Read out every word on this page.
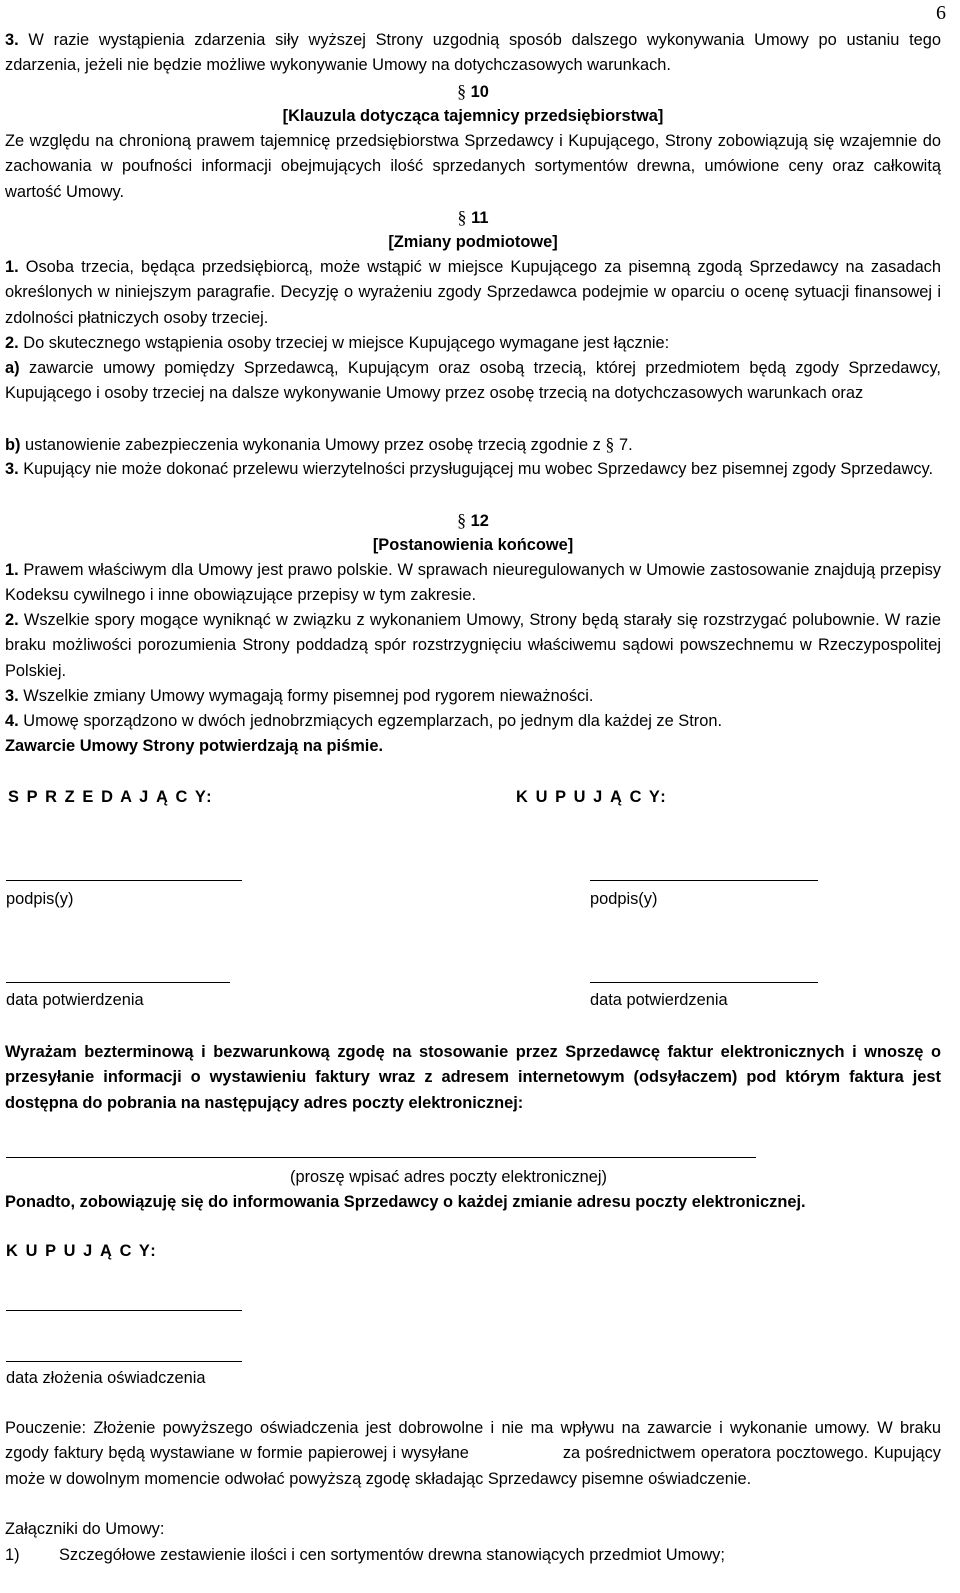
6
3. W razie wystąpienia zdarzenia siły wyższej Strony uzgodnią sposób dalszego wykonywania Umowy po ustaniu tego zdarzenia, jeżeli nie będzie możliwe wykonywanie Umowy na dotychczasowych warunkach.
§ 10
[Klauzula dotycząca tajemnicy przedsiębiorstwa]
Ze względu na chronioną prawem tajemnicę przedsiębiorstwa Sprzedawcy i Kupującego, Strony zobowiązują się wzajemnie do zachowania w poufności informacji obejmujących ilość sprzedanych sortymentów drewna, umówione ceny oraz całkowitą wartość Umowy.
§ 11
[Zmiany podmiotowe]
1. Osoba trzecia, będąca przedsiębiorcą, może wstąpić w miejsce Kupującego za pisemną zgodą Sprzedawcy na zasadach określonych w niniejszym paragrafie. Decyzję o wyrażeniu zgody Sprzedawca podejmie w oparciu o ocenę sytuacji finansowej i zdolności płatniczych osoby trzeciej.
2. Do skutecznego wstąpienia osoby trzeciej w miejsce Kupującego wymagane jest łącznie:
a) zawarcie umowy pomiędzy Sprzedawcą, Kupującym oraz osobą trzecią, której przedmiotem będą zgody Sprzedawcy, Kupującego i osoby trzeciej na dalsze wykonywanie Umowy przez osobę trzecią na dotychczasowych warunkach oraz
b) ustanowienie zabezpieczenia wykonania Umowy przez osobę trzecią zgodnie z § 7.
3. Kupujący nie może dokonać przelewu wierzytelności przysługującej mu wobec Sprzedawcy bez pisemnej zgody Sprzedawcy.
§ 12
[Postanowienia końcowe]
1. Prawem właściwym dla Umowy jest prawo polskie. W sprawach nieuregulowanych w Umowie zastosowanie znajdują przepisy Kodeksu cywilnego i inne obowiązujące przepisy w tym zakresie.
2. Wszelkie spory mogące wyniknąć w związku z wykonaniem Umowy, Strony będą starały się rozstrzygać polubownie. W razie braku możliwości porozumienia Strony poddadzą spór rozstrzygnięciu właściwemu sądowi powszechnemu w Rzeczypospolitej Polskiej.
3. Wszelkie zmiany Umowy wymagają formy pisemnej pod rygorem nieważności.
4. Umowę sporządzono w dwóch jednobrzmiących egzemplarzach, po jednym dla każdej ze Stron.
Zawarcie Umowy Strony potwierdzają na piśmie.
S P R Z E D A J Ą C Y:	K U P U J Ą C Y:
podpis(y)	podpis(y)
data potwierdzenia	data potwierdzenia
Wyrażam bezterminową i bezwarunkową zgodę na stosowanie przez Sprzedawcę faktur elektronicznych i wnoszę o przesyłanie informacji o wystawieniu faktury wraz z adresem internetowym (odsyłaczem) pod którym faktura jest dostępna do pobrania na następujący adres poczty elektronicznej:
(proszę wpisać adres poczty elektronicznej)
Ponadto, zobowiązuję się do informowania Sprzedawcy o każdej zmianie adresu poczty elektronicznej.
K U P U J Ą C Y:
data złożenia oświadczenia
Pouczenie: Złożenie powyższego oświadczenia jest dobrowolne i nie ma wpływu na zawarcie i wykonanie umowy. W braku zgody faktury będą wystawiane w formie papierowej i wysyłane	za pośrednictwem operatora pocztowego. Kupujący może w dowolnym momencie odwołać powyższą zgodę składając Sprzedawcy pisemne oświadczenie.
Załączniki do Umowy:
1) Szczegółowe zestawienie ilości i cen sortymentów drewna stanowiących przedmiot Umowy;
